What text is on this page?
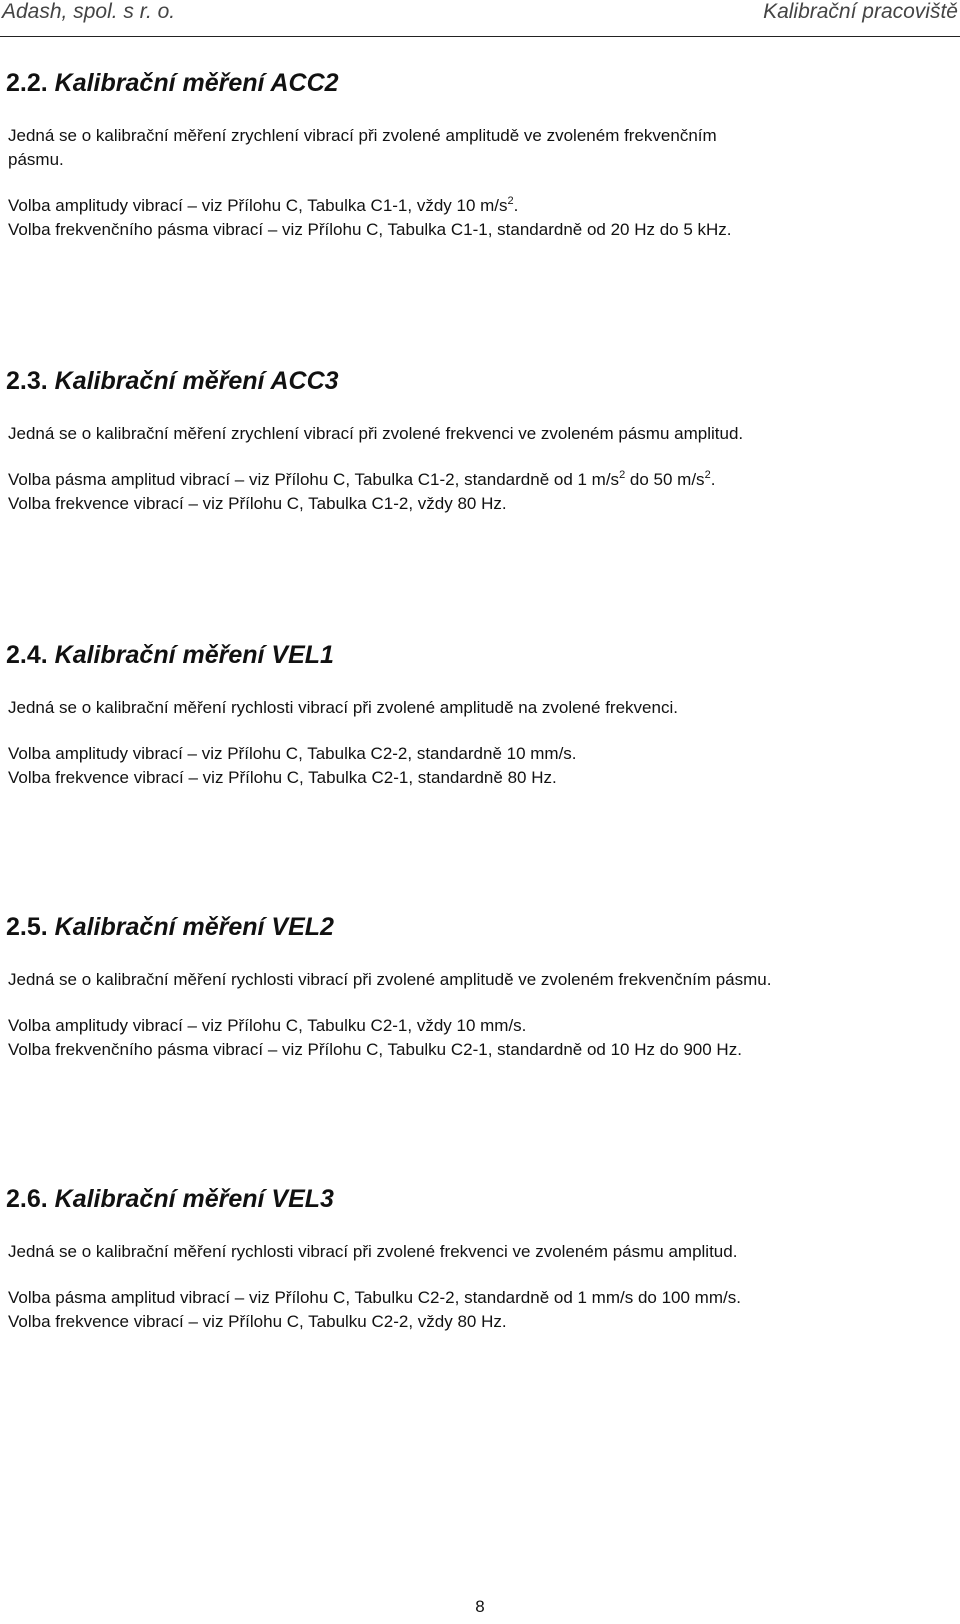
Adash, spol. s r. o.	Kalibrační pracoviště
2.2. Kalibrační měření ACC2

Jedná se o kalibrační měření zrychlení vibrací při zvolené amplitudě ve zvoleném frekvenčním
pásmu.

Volba amplitudy vibrací – viz Přílohu C, Tabulka C1-1, vždy 10 $m/s^2$.

Volba frekvenčního pásma vibrací – viz Přílohu C, Tabulka C1-1, standardně od 20 Hz do 5 kHz.

2.3. Kalibrační měření ACC3

Jedná se o kalibrační měření zrychlení vibrací při zvolené frekvenci ve zvoleném pásmu amplitud.

Volba pásma amplitud vibrací – viz Přílohu C, Tabulka C1-2, standardně od 1 $m/s^2$ do 50 $m/s^2$.

Volba frekvence vibrací – viz Přílohu C, Tabulka C1-2, vždy 80 Hz.

2.4. Kalibrační měření VEL1

Jedná se o kalibrační měření rychlosti vibrací při zvolené amplitudě na zvolené frekvenci.

Volba amplitudy vibrací – viz Přílohu C, Tabulka C2-2, standardně 10 mm/s.

Volba frekvence vibrací – viz Přílohu C, Tabulka C2-1, standardně 80 Hz.

2.5. Kalibrační měření VEL2

Jedná se o kalibrační měření rychlosti vibrací při zvolené amplitudě ve zvoleném frekvenčním pásmu.

Volba amplitudy vibrací – viz Přílohu C, Tabulku C2-1, vždy 10 mm/s.

Volba frekvenčního pásma vibrací – viz Přílohu C, Tabulku C2-1, standardně od 10 Hz do 900 Hz.

2.6. Kalibrační měření VEL3

Jedná se o kalibrační měření rychlosti vibrací při zvolené frekvenci ve zvoleném pásmu amplitud.

Volba pásma amplitud vibrací – viz Přílohu C, Tabulku C2-2, standardně od 1 mm/s do 100 mm/s.

Volba frekvence vibrací – viz Přílohu C, Tabulku C2-2, vždy 80 Hz.

8
